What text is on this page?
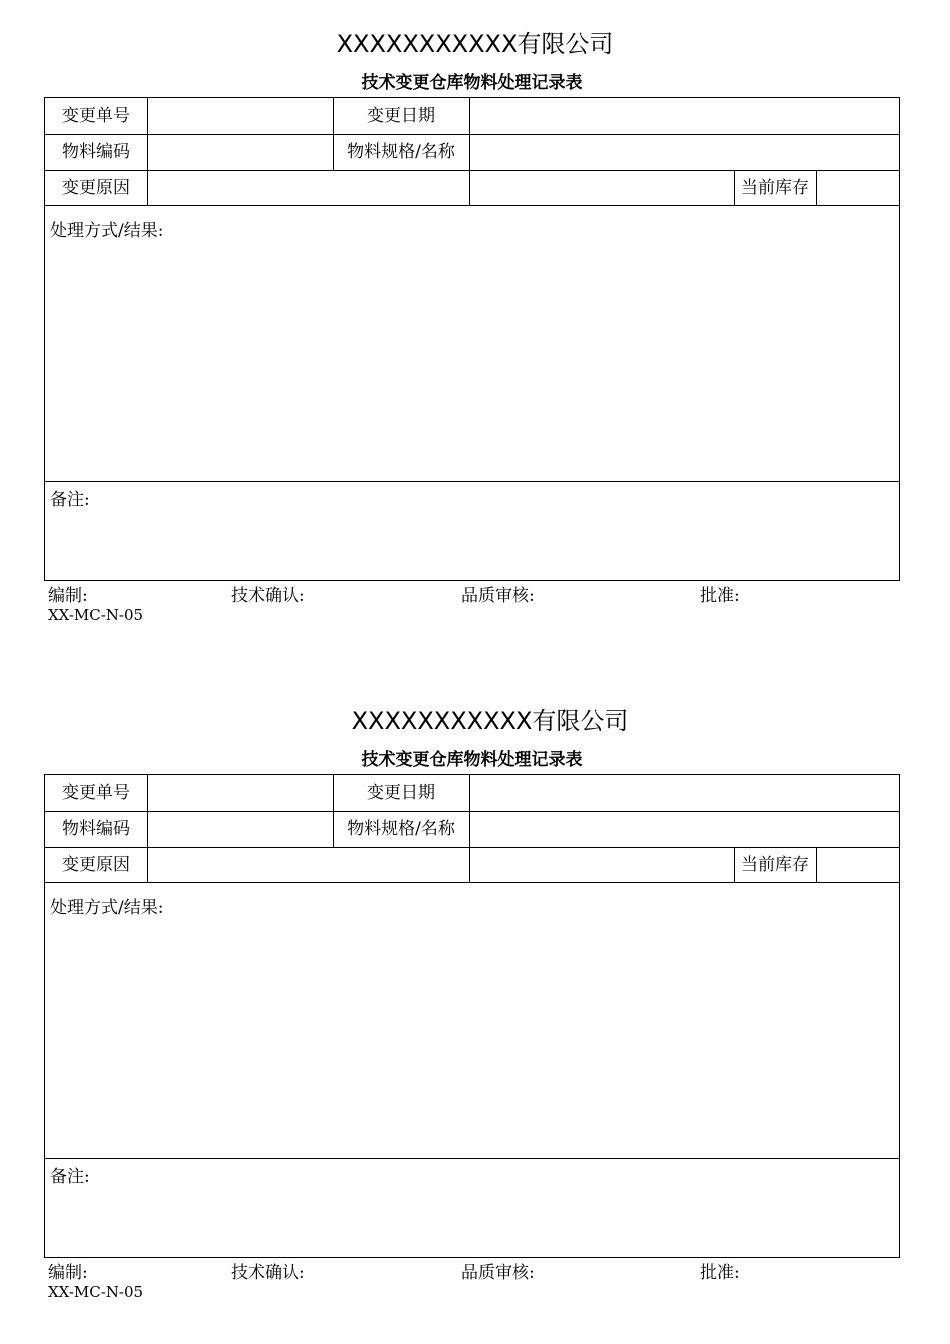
XXXXXXXXXXX有限公司
技术变更仓库物料处理记录表
变更单号	变更日期
物料编码	物料规格/名称
变更原因	当前库存
处理方式/结果:
备注:
编制:	技术确认:	品质审核:	批准:
XX-MC-N-05
XXXXXXXXXXX有限公司
技术变更仓库物料处理记录表
变更单号	变更日期
物料编码	物料规格/名称
变更原因	当前库存
处理方式/结果:
备注:
编制:	技术确认:	品质审核:	批准:
XX-MC-N-05
